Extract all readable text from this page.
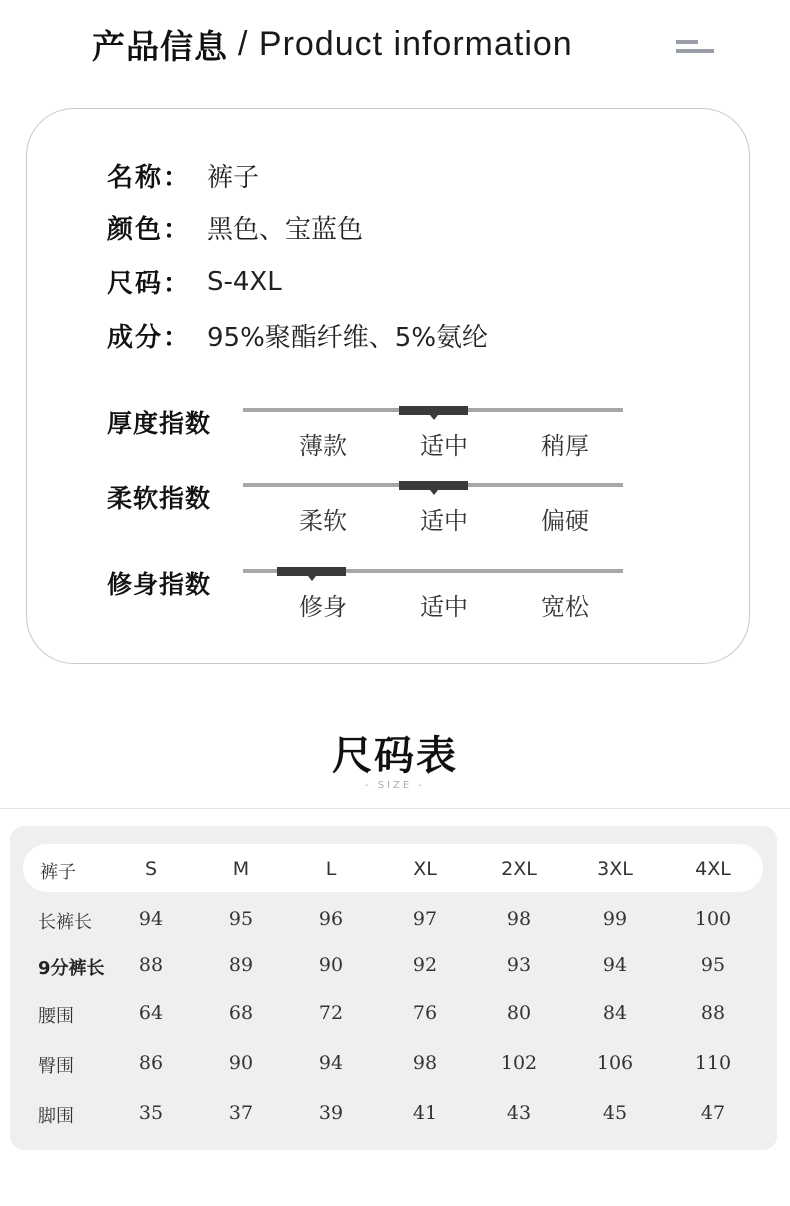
产品信息 / Product information
名称： 裤子
颜色： 黑色、宝蓝色
尺码： S-4XL
成分： 95%聚酯纤维、5%氨纶
厚度指数
薄款	适中	稍厚
柔软指数
柔软	适中	偏硬
修身指数
修身	适中	宽松
尺码表
- SIZE -
裤子	S	M	L	XL	2XL	3XL	4XL
长裤长	94	95	96	97	98	99	100
9分裤长	88	89	90	92	93	94	95
腰围	64	68	72	76	80	84	88
臀围	86	90	94	98	102	106	110
脚围	35	37	39	41	43	45	47
